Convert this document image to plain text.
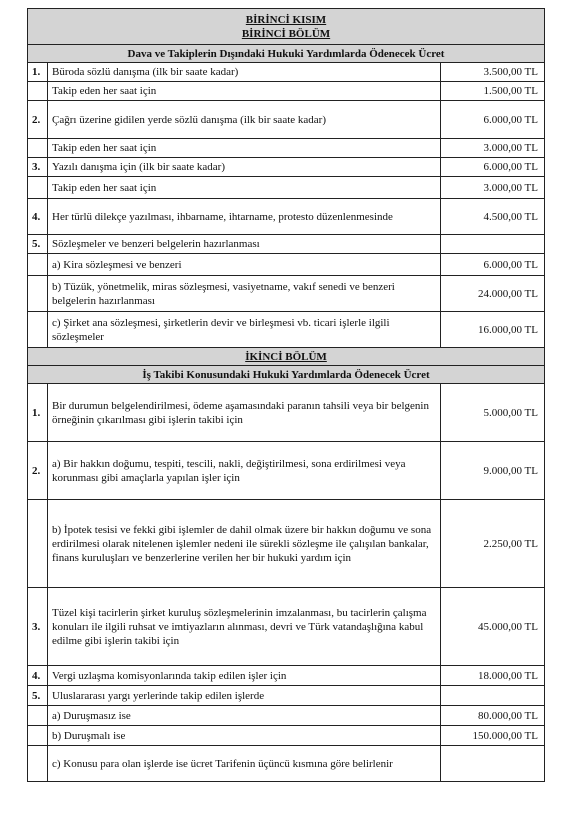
BİRİNCİ KISIM
BİRİNCİ BÖLÜM		

Dava ve Takiplerin Dışındaki Hukuki Yardımlarda Ödenecek Ücret		
1.	Büroda sözlü danışma (ilk bir saate kadar)	3.500,00 TL
	Takip eden her saat için	1.500,00 TL
2.	Çağrı üzerine gidilen yerde sözlü danışma (ilk bir saate kadar)	6.000,00 TL
	Takip eden her saat için	3.000,00 TL
3.	Yazılı danışma için (ilk bir saate kadar)	6.000,00 TL
	Takip eden her saat için	3.000,00 TL
4.	Her türlü dilekçe yazılması, ihbarname, ihtarname, protesto düzenlenmesinde	4.500,00 TL
5.	Sözleşmeler ve benzeri belgelerin hazırlanması	
	a) Kira sözleşmesi ve benzeri	6.000,00 TL
	b) Tüzük, yönetmelik, miras sözleşmesi, vasiyetname, vakıf senedi ve benzeri belgelerin hazırlanması	24.000,00 TL
	c) Şirket ana sözleşmesi, şirketlerin devir ve birleşmesi vb. ticari işlerle ilgili sözleşmeler	16.000,00 TL

İKİNCİ BÖLÜM		

İş Takibi Konusundaki Hukuki Yardımlarda Ödenecek Ücret		
1.	Bir durumun belgelendirilmesi, ödeme aşamasındaki paranın tahsili veya bir belgenin örneğinin çıkarılması gibi işlerin takibi için	5.000,00 TL
2.	a) Bir hakkın doğumu, tespiti, tescili, nakli, değiştirilmesi, sona erdirilmesi veya korunması gibi amaçlarla yapılan işler için	9.000,00 TL
	b) İpotek tesisi ve fekki gibi işlemler de dahil olmak üzere bir hakkın doğumu ve sona erdirilmesi olarak nitelenen işlemler nedeni ile sürekli sözleşme ile çalışılan bankalar, finans kuruluşları ve benzerlerine verilen her bir hukuki yardım için	2.250,00 TL
3.	Tüzel kişi tacirlerin şirket kuruluş sözleşmelerinin imzalanması, bu tacirlerin çalışma konuları ile ilgili ruhsat ve imtiyazların alınması, devri ve Türk vatandaşlığına kabul edilme gibi işlerin takibi için	45.000,00 TL
4.	Vergi uzlaşma komisyonlarında takip edilen işler için	18.000,00 TL
5.	Uluslararası yargı yerlerinde takip edilen işlerde	
	a) Duruşmasız ise	80.000,00 TL
	b) Duruşmalı ise	150.000,00 TL
	c) Konusu para olan işlerde ise ücret Tarifenin üçüncü kısmına göre belirlenir	
